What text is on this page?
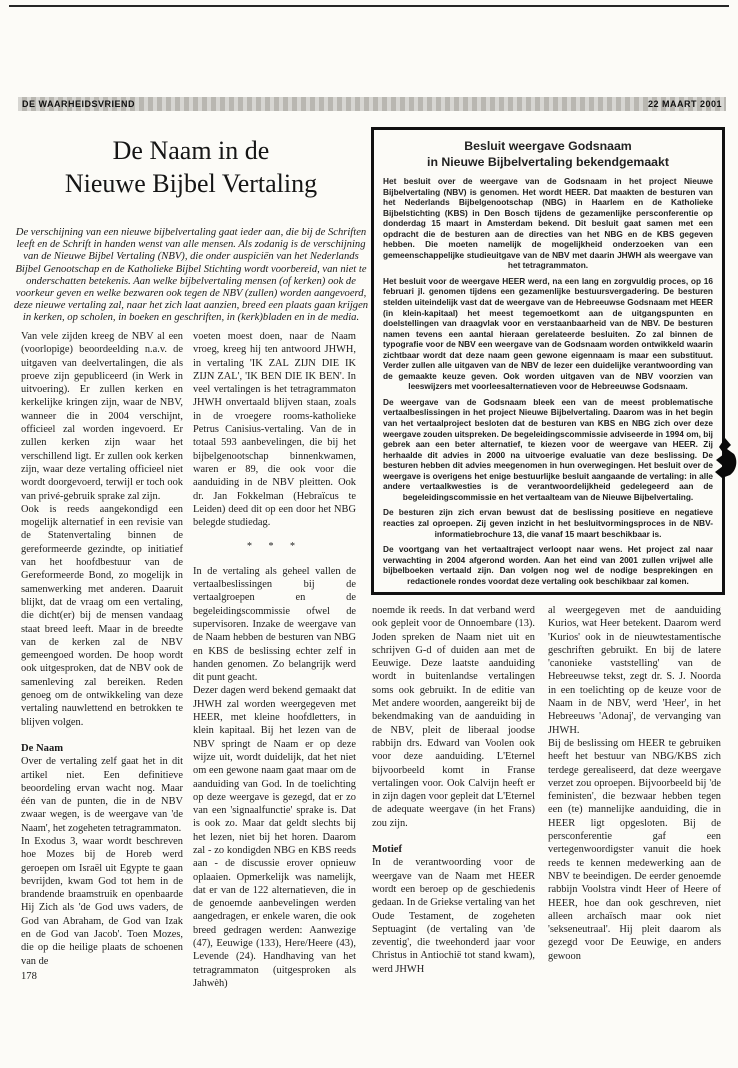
DE WAARHEIDSVRIEND	22 MAART 2001
De Naam in de
Nieuwe Bijbel Vertaling
De verschijning van een nieuwe bijbelvertaling gaat ieder aan, die bij de Schriften leeft en de Schrift in handen wenst van alle mensen. Als zodanig is de verschijning van de Nieuwe Bijbel Vertaling (NBV), die onder auspiciën van het Nederlands Bijbel Genootschap en de Katholieke Bijbel Stichting wordt voorbereid, van niet te onderschatten betekenis. Aan welke bijbelvertaling mensen (of kerken) ook de voorkeur geven en welke bezwaren ook tegen de NBV (zullen) worden aangevoerd, deze nieuwe vertaling zal, naar het zich laat aanzien, breed een plaats gaan krijgen in kerken, op scholen, in boeken en geschriften, in (kerk)bladen en in de media.

Van vele zijden kreeg de NBV al een (voorlopige) beoordeelding n.a.v. de uitgaven van deelvertalingen, die als proeve zijn gepubliceerd (in Werk in uitvoering). Er zullen kerken en kerkelijke kringen zijn, waar de NBV, wanneer die in 2004 verschijnt, officieel zal worden ingevoerd. Er zullen kerken zijn waar het verschillend ligt. Er zullen ook kerken zijn, waar deze vertaling officieel niet wordt doorgevoerd, terwijl er toch ook van privé-gebruik sprake zal zijn.

Ook is reeds aangekondigd een mogelijk alternatief in een revisie van de Statenvertaling binnen de gereformeerde gezindte, op initiatief van het hoofdbestuur van de Gereformeerde Bond, zo mogelijk in samenwerking met anderen. Daaruit blijkt, dat de vraag om een vertaling, die dicht(er) bij de mensen vandaag staat breed leeft. Maar in de breedte van de kerken zal de NBV gemeengoed worden. De hoop wordt ook uitgesproken, dat de NBV ook de samenleving zal bereiken. Reden genoeg om de ontwikkeling van deze vertaling nauwlettend en betrokken te blijven volgen.

De Naam

Over de vertaling zelf gaat het in dit artikel niet. Een definitieve beoordeling ervan wacht nog. Maar één van de punten, die in de NBV zwaar wegen, is de weergave van 'de Naam', het zogeheten tetragrammaton.

In Exodus 3, waar wordt beschreven hoe Mozes bij de Horeb werd geroepen om Israël uit Egypte te gaan bevrijden, kwam God tot hem in de brandende braamstruik en openbaarde Hij Zich als 'de God uws vaders, de God van Abraham, de God van Izak en de God van Jacob'. Toen Mozes, die op die heilige plaats de schoenen van de

178

voeten moest doen, naar de Naam vroeg, kreeg hij ten antwoord JHWH, in vertaling 'IK ZAL ZIJN DIE IK ZIJN ZAL', 'IK BEN DIE IK BEN'. In veel vertalingen is het tetragrammaton JHWH onvertaald blijven staan, zoals in de vroegere rooms-katholieke Petrus Canisius-vertaling. Van de in totaal 593 aanbevelingen, die bij het bijbelgenootschap binnenkwamen, waren er 89, die ook voor die aanduiding in de NBV pleitten. Ook dr. Jan Fokkelman (Hebraïcus te Leiden) deed dit op een door het NBG belegde studiedag.

* * *

In de vertaling als geheel vallen de vertaalbeslissingen bij de vertaalgroepen en de begeleidingscommissie ofwel de supervisoren. Inzake de weergave van de Naam hebben de besturen van NBG en KBS de beslissing echter zelf in handen genomen. Zo belangrijk werd dit punt geacht.

Dezer dagen werd bekend gemaakt dat JHWH zal worden weergegeven met HEER, met kleine hoofdletters, in klein kapitaal. Bij het lezen van de NBV springt de Naam er op deze wijze uit, wordt duidelijk, dat het niet om een gewone naam gaat maar om de aanduiding van God. In de toelichting op deze weergave is gezegd, dat er zo van een 'signaalfunctie' sprake is. Dat is ook zo. Maar dat geldt slechts bij het lezen, niet bij het horen. Daarom zal - zo kondigden NBG en KBS reeds aan - de discussie erover opnieuw oplaaien. Opmerkelijk was namelijk, dat er van de 122 alternatieven, die in de genoemde aanbevelingen werden aangedragen, er enkele waren, die ook breed gedragen werden: Aanwezige (47), Eeuwige (133), Here/Heere (43), Levende (24). Handhaving van het tetragrammaton (uitgesproken als Jahwèh)

Besluit weergave Godsnaam
in Nieuwe Bijbelvertaling bekendgemaakt

Het besluit over de weergave van de Godsnaam in het project Nieuwe Bijbelvertaling (NBV) is genomen. Het wordt HEER. Dat maakten de besturen van het Nederlands Bijbelgenootschap (NBG) in Haarlem en de Katholieke Bijbelstichting (KBS) in Den Bosch tijdens de gezamenlijke persconferentie op donderdag 15 maart in Amsterdam bekend. Dit besluit gaat samen met een opdracht die de besturen aan de directies van het NBG en de KBS gegeven hebben. Die moeten namelijk de mogelijkheid onderzoeken van een gemeenschappelijke studieuitgave van de NBV met daarin JHWH als weergave van het tetragrammaton.

Het besluit voor de weergave HEER werd, na een lang en zorgvuldig proces, op 16 februari jl. genomen tijdens een gezamenlijke bestuursvergadering. De besturen stelden uiteindelijk vast dat de weergave van de Hebreeuwse Godsnaam met HEER (in klein-kapitaal) het meest tegemoetkomt aan de uitgangspunten en doelstellingen van draagvlak voor en verstaanbaarheid van de NBV. De besturen namen tevens een aantal hieraan gerelateerde besluiten. Zo zal binnen de typografie voor de NBV een weergave van de Godsnaam worden ontwikkeld waarin zichtbaar wordt dat deze naam geen gewone eigennaam is maar een substituut. Verder zullen alle uitgaven van de NBV de lezer een duidelijke verantwoording van de gemaakte keuze geven. Ook worden uitgaven van de NBV voorzien van leeswijzers met voorleesalternatieven voor de Hebreeuwse Godsnaam.

De weergave van de Godsnaam bleek een van de meest problematische vertaalbeslissingen in het project Nieuwe Bijbelvertaling. Daarom was in het begin van het vertaalproject besloten dat de besturen van KBS en NBG zich over deze weergave zouden uitspreken. De begeleidingscommissie adviseerde in 1994 om, bij gebrek aan een beter alternatief, te kiezen voor de weergave van HEER. Zij herhaalde dit advies in 2000 na uitvoerige evaluatie van deze beslissing. De besturen hebben dit advies meegenomen in hun overwegingen. Het besluit over de weergave is overigens het enige bestuurlijke besluit aangaande de vertaling: in alle andere vertaalkwesties is de verantwoordelijkheid gedelegeerd aan de begeleidingscommissie en het vertaalteam van de Nieuwe Bijbelvertaling.

De besturen zijn zich ervan bewust dat de beslissing positieve en negatieve reacties zal oproepen. Zij geven inzicht in het besluitvormingsproces in de NBV-informatiebrochure 13, die vanaf 15 maart beschikbaar is.

De voortgang van het vertaaltraject verloopt naar wens. Het project zal naar verwachting in 2004 afgerond worden. Aan het eind van 2001 zullen vrijwel alle bijbelboeken vertaald zijn. Dan volgen nog wel de nodige besprekingen en redactionele rondes voordat deze vertaling ook beschikbaar zal komen.

noemde ik reeds. In dat verband werd ook gepleit voor de Onnoembare (13). Joden spreken de Naam niet uit en schrijven G-d of duiden aan met de Eeuwige. Deze laatste aanduiding wordt in buitenlandse vertalingen soms ook gebruikt. In de editie van Met andere woorden, aangereikt bij de bekendmaking van de aanduiding in de NBV, pleit de liberaal joodse rabbijn drs. Edward van Voolen ook voor deze aanduiding. L'Eternel bijvoorbeeld komt in Franse vertalingen voor. Ook Calvijn heeft er in zijn dagen voor gepleit dat L'Eternel de adequate weergave (in het Frans) zou zijn.

Motief

In de verantwoording voor de weergave van de Naam met HEER wordt een beroep op de geschiedenis gedaan. In de Griekse vertaling van het Oude Testament, de zogeheten Septuagint (de vertaling van 'de zeventig', die tweehonderd jaar voor Christus in Antiochië tot stand kwam), werd JHWH

al weergegeven met de aanduiding Kurios, wat Heer betekent. Daarom werd 'Kurios' ook in de nieuwtestamentische geschriften gebruikt. En bij de latere 'canonieke vaststelling' van de Hebreeuwse tekst, zegt dr. S. J. Noorda in een toelichting op de keuze voor de Naam in de NBV, werd 'Heer', in het Hebreeuws 'Adonaj', de vervanging van JHWH.

Bij de beslissing om HEER te gebruiken heeft het bestuur van NBG/KBS zich terdege gerealiseerd, dat deze weergave verzet zou oproepen. Bijvoorbeeld bij 'de feministen', die bezwaar hebben tegen een (te) mannelijke aanduiding, die in HEER ligt opgesloten. Bij de persconferentie gaf een vertegenwoordigster vanuit die hoek reeds te kennen medewerking aan de NBV te beeindigen. De eerder genoemde rabbijn Voolstra vindt Heer of Heere of HEER, hoe dan ook geschreven, niet alleen archaïsch maar ook niet 'sekseneutraal'. Hij pleit daarom als gezegd voor De Eeuwige, en anders gewoon
